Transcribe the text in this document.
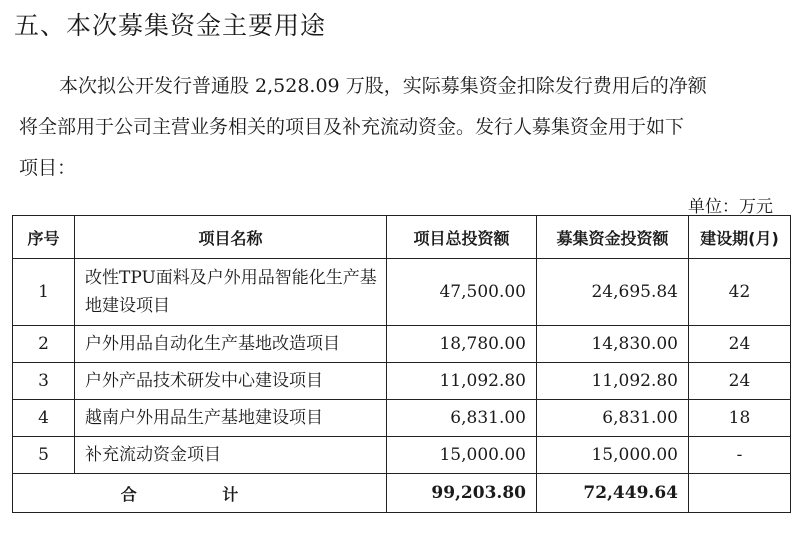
五、本次募集资金主要用途

本次拟公开发行普通股 2,528.09 万股，实际募集资金扣除发行费用后的净额
将全部用于公司主营业务相关的项目及补充流动资金。发行人募集资金用于如下
项目：

单位：万元
序号	项目名称	项目总投资额	募集资金投资额	建设期(月)
1	改性TPU面料及户外用品智能化生产基地建设项目	47,500.00	24,695.84	42
2	户外用品自动化生产基地改造项目	18,780.00	14,830.00	24
3	户外产品技术研发中心建设项目	11,092.80	11,092.80	24
4	越南户外用品生产基地建设项目	6,831.00	6,831.00	18
5	补充流动资金项目	15,000.00	15,000.00	-
合 计		99,203.80	72,449.64	
